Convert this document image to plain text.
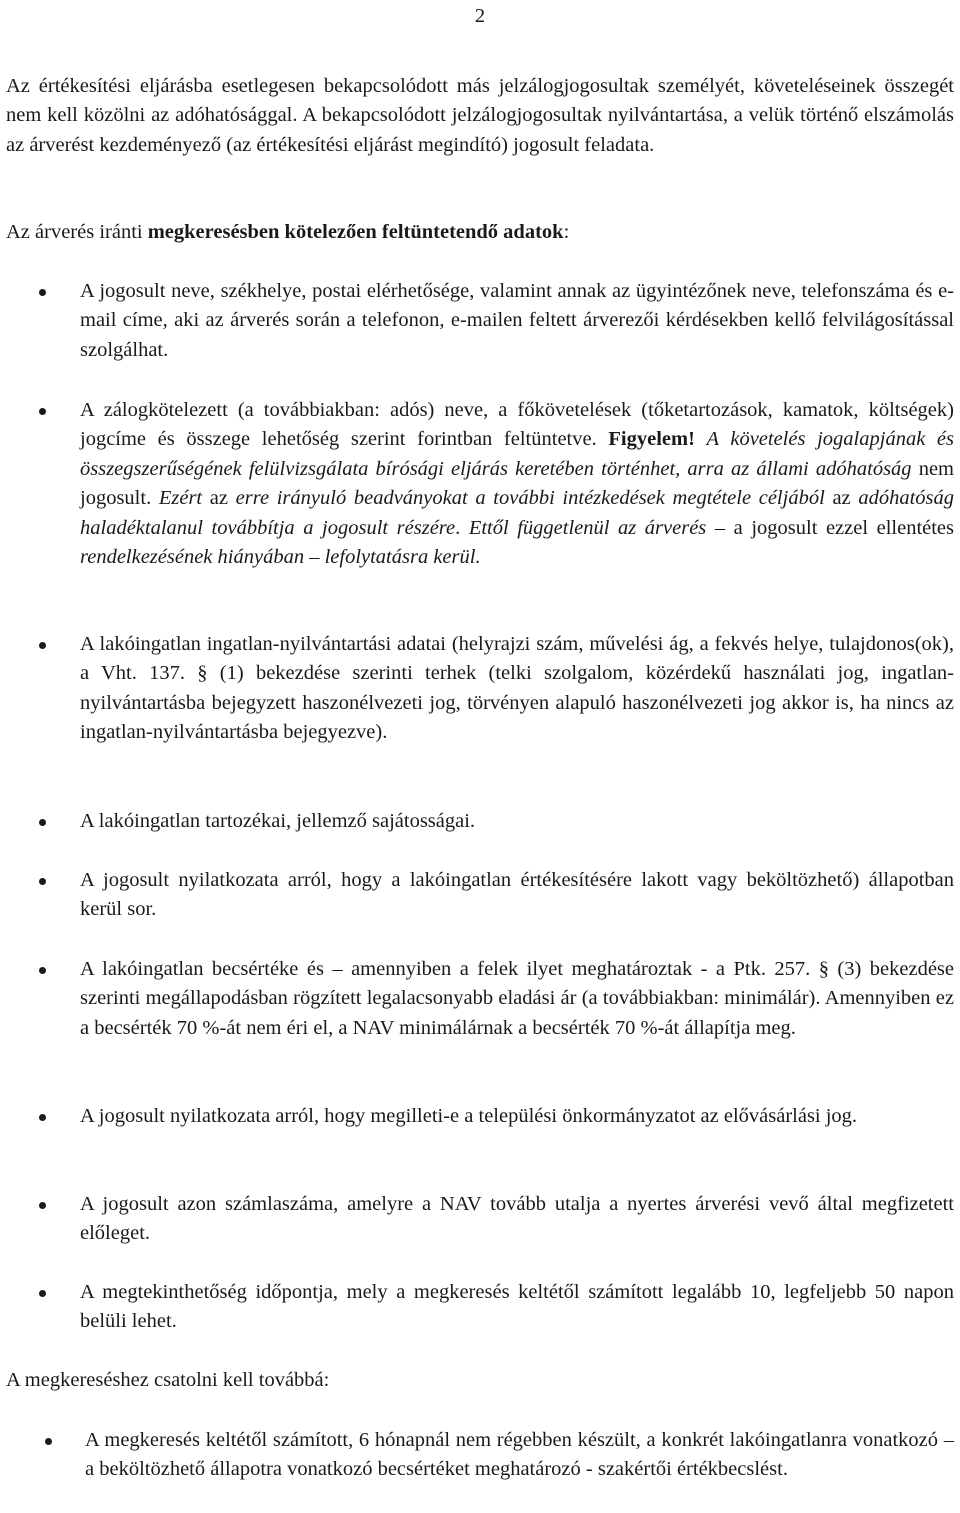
2

Az értékesítési eljárásba esetlegesen bekapcsolódott más jelzálogjogosultak személyét, követeléseinek összegét nem kell közölni az adóhatósággal. A bekapcsolódott jelzálogjogosultak nyilvántartása, a velük történő elszámolás az árverést kezdeményező (az értékesítési eljárást megindító) jogosult feladata.

Az árverés iránti megkeresésben kötelezően feltüntetendő adatok:

A jogosult neve, székhelye, postai elérhetősége, valamint annak az ügyintézőnek neve, telefonszáma és e-mail címe, aki az árverés során a telefonon, e-mailen feltett árverezői kérdésekben kellő felvilágosítással szolgálhat.
A zálogkötelezett (a továbbiakban: adós) neve, a főkövetelések (tőketartozások, kamatok, költségek) jogcíme és összege lehetőség szerint forintban feltüntetve. Figyelem! A követelés jogalapjának és összegszerűségének felülvizsgálata bírósági eljárás keretében történhet, arra az állami adóhatóság nem jogosult. Ezért az erre irányuló beadványokat a további intézkedések megtétele céljából az adóhatóság haladéktalanul továbbítja a jogosult részére. Ettől függetlenül az árverés – a jogosult ezzel ellentétes rendelkezésének hiányában – lefolytatásra kerül.
A lakóingatlan ingatlan-nyilvántartási adatai (helyrajzi szám, művelési ág, a fekvés helye, tulajdonos(ok), a Vht. 137. § (1) bekezdése szerinti terhek (telki szolgalom, közérdekű használati jog, ingatlan-nyilvántartásba bejegyzett haszonélvezeti jog, törvényen alapuló haszonélvezeti jog akkor is, ha nincs az ingatlan-nyilvántartásba bejegyezve).
A lakóingatlan tartozékai, jellemző sajátosságai.
A jogosult nyilatkozata arról, hogy a lakóingatlan értékesítésére lakott vagy beköltözhető) állapotban kerül sor.
A lakóingatlan becsértéke és – amennyiben a felek ilyet meghatároztak - a Ptk. 257. § (3) bekezdése szerinti megállapodásban rögzített legalacsonyabb eladási ár (a továbbiakban: minimálár). Amennyiben ez a becsérték 70 %-át nem éri el, a NAV minimálárnak a becsérték 70 %-át állapítja meg.
A jogosult nyilatkozata arról, hogy megilleti-e a települési önkormányzatot az elővásárlási jog.
A jogosult azon számlaszáma, amelyre a NAV tovább utalja a nyertes árverési vevő által megfizetett előleget.
A megtekinthetőség időpontja, mely a megkeresés keltétől számított legalább 10, legfeljebb 50 napon belüli lehet.

A megkereséshez csatolni kell továbbá:

A megkeresés keltétől számított, 6 hónapnál nem régebben készült, a konkrét lakóingatlanra vonatkozó – a beköltözhető állapotra vonatkozó becsértéket meghatározó - szakértői értékbecslést.
